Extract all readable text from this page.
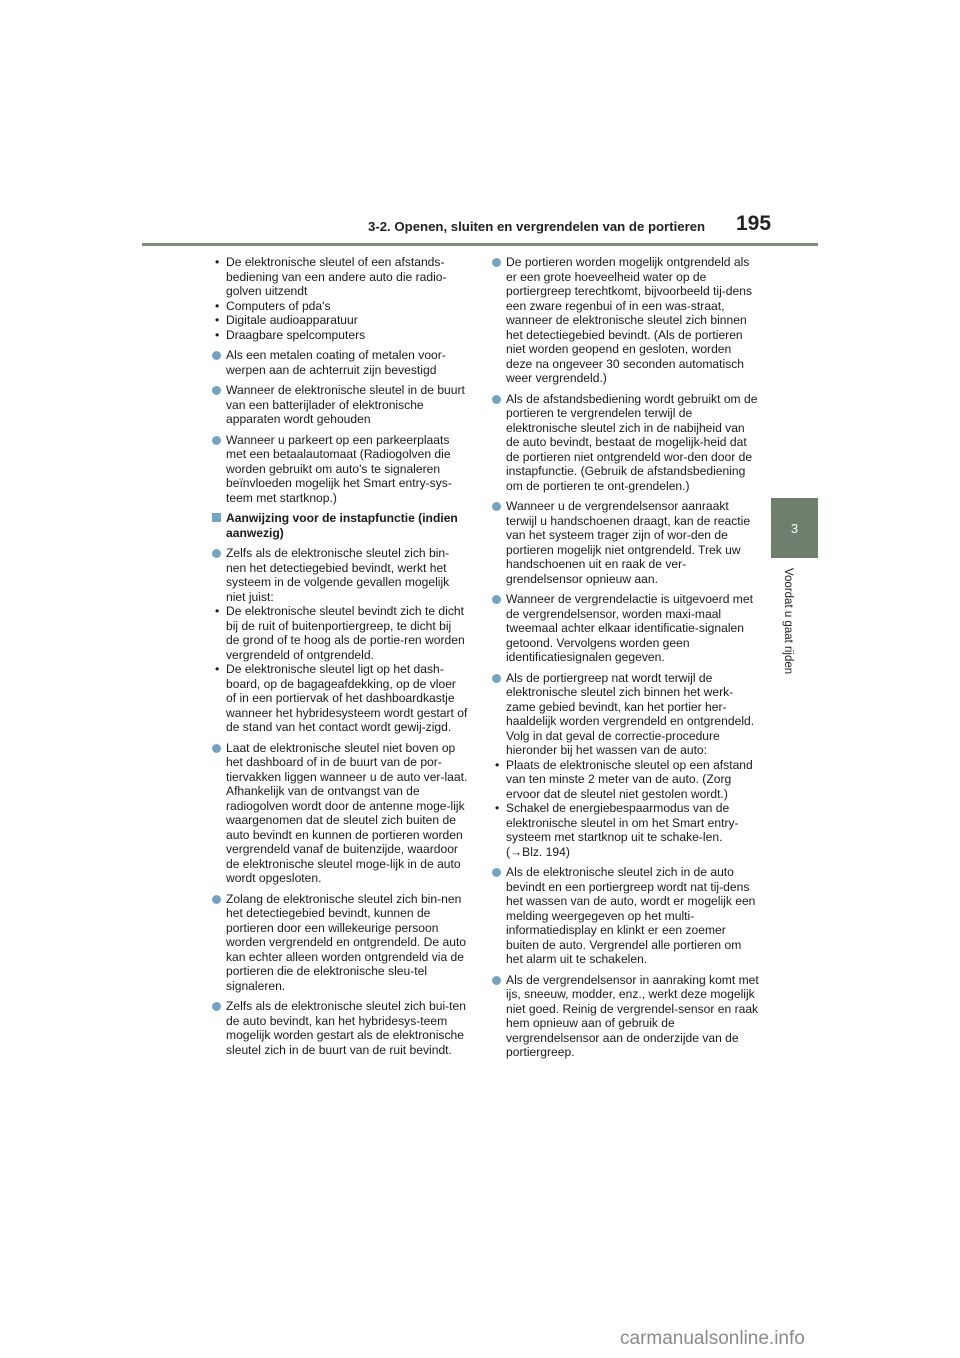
3-2. Openen, sluiten en vergrendelen van de portieren 195
3
Voordat u gaat rijden

• De elektronische sleutel of een afstands-bediening van een andere auto die radio-golven uitzendt

• Computers of pda's

• Digitale audioapparatuur

• Draagbare spelcomputers

Als een metalen coating of metalen voor-werpen aan de achterruit zijn bevestigd

Wanneer de elektronische sleutel in de buurt van een batterijlader of elektronische apparaten wordt gehouden

Wanneer u parkeert op een parkeerplaats met een betaalautomaat (Radiogolven die worden gebruikt om auto's te signaleren beïnvloeden mogelijk het Smart entry-sys-teem met startknop.)

Aanwijzing voor de instapfunctie (indien aanwezig)

Zelfs als de elektronische sleutel zich bin-nen het detectiegebied bevindt, werkt het systeem in de volgende gevallen mogelijk niet juist:

• De elektronische sleutel bevindt zich te dicht bij de ruit of buitenportiergreep, te dicht bij de grond of te hoog als de portie-ren worden vergrendeld of ontgrendeld.

• De elektronische sleutel ligt op het dash-board, op de bagageafdekking, op de vloer of in een portiervak of het dashboardkastje wanneer het hybridesysteem wordt gestart of de stand van het contact wordt gewij-zigd.

Laat de elektronische sleutel niet boven op het dashboard of in de buurt van de por-tiervakken liggen wanneer u de auto ver-laat. Afhankelijk van de ontvangst van de radiogolven wordt door de antenne moge-lijk waargenomen dat de sleutel zich buiten de auto bevindt en kunnen de portieren worden vergrendeld vanaf de buitenzijde, waardoor de elektronische sleutel moge-lijk in de auto wordt opgesloten.

Zolang de elektronische sleutel zich bin-nen het detectiegebied bevindt, kunnen de portieren door een willekeurige persoon worden vergrendeld en ontgrendeld. De auto kan echter alleen worden ontgrendeld via de portieren die de elektronische sleu-tel signaleren.

Zelfs als de elektronische sleutel zich bui-ten de auto bevindt, kan het hybridesys-teem mogelijk worden gestart als de elektronische sleutel zich in de buurt van de ruit bevindt.

De portieren worden mogelijk ontgrendeld als er een grote hoeveelheid water op de portiergreep terechtkomt, bijvoorbeeld tij-dens een zware regenbui of in een was-straat, wanneer de elektronische sleutel zich binnen het detectiegebied bevindt. (Als de portieren niet worden geopend en gesloten, worden deze na ongeveer 30 seconden automatisch weer vergrendeld.)

Als de afstandsbediening wordt gebruikt om de portieren te vergrendelen terwijl de elektronische sleutel zich in de nabijheid van de auto bevindt, bestaat de mogelijk-heid dat de portieren niet ontgrendeld wor-den door de instapfunctie. (Gebruik de afstandsbediening om de portieren te ont-grendelen.)

Wanneer u de vergrendelsensor aanraakt terwijl u handschoenen draagt, kan de reactie van het systeem trager zijn of wor-den de portieren mogelijk niet ontgrendeld. Trek uw handschoenen uit en raak de ver-grendelsensor opnieuw aan.

Wanneer de vergrendelactie is uitgevoerd met de vergrendelsensor, worden maxi-maal tweemaal achter elkaar identificatie-signalen getoond. Vervolgens worden geen identificatiesignalen gegeven.

Als de portiergreep nat wordt terwijl de elektronische sleutel zich binnen het werk-zame gebied bevindt, kan het portier her-haaldelijk worden vergrendeld en ontgrendeld. Volg in dat geval de correctie-procedure hieronder bij het wassen van de auto:

• Plaats de elektronische sleutel op een afstand van ten minste 2 meter van de auto. (Zorg ervoor dat de sleutel niet gestolen wordt.)

• Schakel de energiebespaarmodus van de elektronische sleutel in om het Smart entry-systeem met startknop uit te schake-len. (→Blz. 194)

Als de elektronische sleutel zich in de auto bevindt en een portiergreep wordt nat tij-dens het wassen van de auto, wordt er mogelijk een melding weergegeven op het multi-informatiedisplay en klinkt er een zoemer buiten de auto. Vergrendel alle portieren om het alarm uit te schakelen.

Als de vergrendelsensor in aanraking komt met ijs, sneeuw, modder, enz., werkt deze mogelijk niet goed. Reinig de vergrendel-sensor en raak hem opnieuw aan of gebruik de vergrendelsensor aan de onderzijde van de portiergreep.

carmanualsonline.info
